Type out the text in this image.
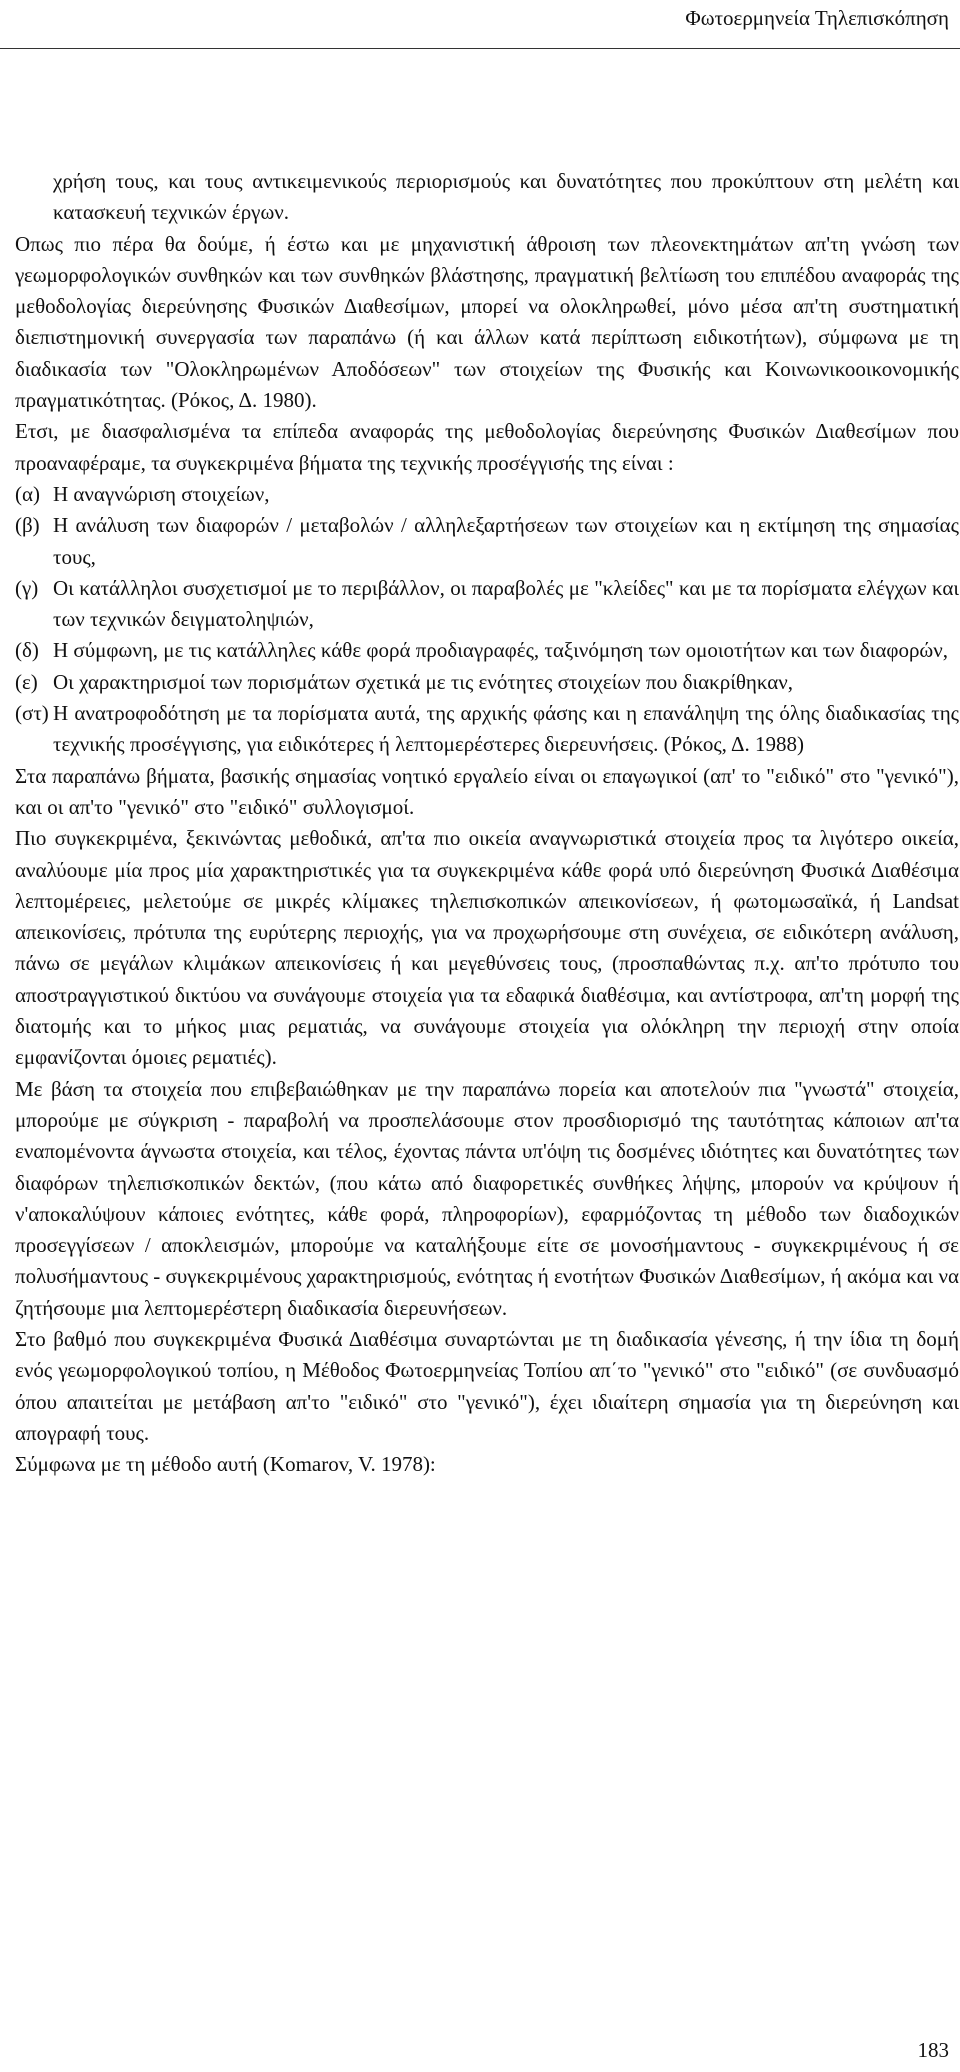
Φωτοερμηνεία Τηλεπισκόπηση

χρήση τους, και τους αντικειμενικούς περιορισμούς και δυνατότητες που προκύπτουν στη μελέτη και κατασκευή τεχνικών έργων.

Οπως πιο πέρα θα δούμε, ή έστω και με μηχανιστική άθροιση των πλεονεκτημάτων απ'τη γνώση των γεωμορφολογικών συνθηκών και των συνθηκών βλάστησης, πραγματική βελτίωση του επιπέδου αναφοράς της μεθοδολογίας διερεύνησης Φυσικών Διαθεσίμων, μπορεί να ολοκληρωθεί, μόνο μέσα απ'τη συστηματική διεπιστημονική συνεργασία των παραπάνω (ή και άλλων κατά περίπτωση ειδικοτήτων), σύμφωνα με τη διαδικασία των "Ολοκληρωμένων Αποδόσεων" των στοιχείων της Φυσικής και Κοινωνικοοικονομικής πραγματικότητας. (Ρόκος, Δ. 1980).

Ετσι, με διασφαλισμένα τα επίπεδα αναφοράς της μεθοδολογίας διερεύνησης Φυσικών Διαθεσίμων που προαναφέραμε, τα συγκεκριμένα βήματα της τεχνικής προσέγγισής της είναι :

(α) Η αναγνώριση στοιχείων,
(β) Η ανάλυση των διαφορών / μεταβολών / αλληλεξαρτήσεων των στοιχείων και η εκτίμηση της σημασίας τους,
(γ) Οι κατάλληλοι συσχετισμοί με το περιβάλλον, οι παραβολές με "κλείδες" και με τα πορίσματα ελέγχων και των τεχνικών δειγματοληψιών,
(δ) Η σύμφωνη, με τις κατάλληλες κάθε φορά προδιαγραφές, ταξινόμηση των ομοιοτήτων και των διαφορών,
(ε) Οι χαρακτηρισμοί των πορισμάτων σχετικά με τις ενότητες στοιχείων που διακρίθηκαν,
(στ) Η ανατροφοδότηση με τα πορίσματα αυτά, της αρχικής φάσης και η επανάληψη της όλης διαδικασίας της τεχνικής προσέγγισης, για ειδικότερες ή λεπτομερέστερες διερευνήσεις. (Ρόκος, Δ. 1988)

Στα παραπάνω βήματα, βασικής σημασίας νοητικό εργαλείο είναι οι επαγωγικοί (απ' το "ειδικό" στο "γενικό"), και οι απ'το "γενικό" στο "ειδικό" συλλογισμοί.

Πιο συγκεκριμένα, ξεκινώντας μεθοδικά, απ'τα πιο οικεία αναγνωριστικά στοιχεία προς τα λιγότερο οικεία, αναλύουμε μία προς μία χαρακτηριστικές για τα συγκεκριμένα κάθε φορά υπό διερεύνηση Φυσικά Διαθέσιμα λεπτομέρειες, μελετούμε σε μικρές κλίμακες τηλεπισκοπικών απεικονίσεων, ή φωτομωσαϊκά, ή Landsat απεικονίσεις, πρότυπα της ευρύτερης περιοχής, για να προχωρήσουμε στη συνέχεια, σε ειδικότερη ανάλυση, πάνω σε μεγάλων κλιμάκων απεικονίσεις ή και μεγεθύνσεις τους, (προσπαθώντας π.χ. απ'το πρότυπο του αποστραγγιστικού δικτύου να συνάγουμε στοιχεία για τα εδαφικά διαθέσιμα, και αντίστροφα, απ'τη μορφή της διατομής και το μήκος μιας ρεματιάς, να συνάγουμε στοιχεία για ολόκληρη την περιοχή στην οποία εμφανίζονται όμοιες ρεματιές).

Με βάση τα στοιχεία που επιβεβαιώθηκαν με την παραπάνω πορεία και αποτελούν πια "γνωστά" στοιχεία, μπορούμε με σύγκριση - παραβολή να προσπελάσουμε στον προσδιορισμό της ταυτότητας κάποιων απ'τα εναπομένοντα άγνωστα στοιχεία, και τέλος, έχοντας πάντα υπ'όψη τις δοσμένες ιδιότητες και δυνατότητες των διαφόρων τηλεπισκοπικών δεκτών, (που κάτω από διαφορετικές συνθήκες λήψης, μπορούν να κρύψουν ή ν'αποκαλύψουν κάποιες ενότητες, κάθε φορά, πληροφορίων), εφαρμόζοντας τη μέθοδο των διαδοχικών προσεγγίσεων / αποκλεισμών, μπορούμε να καταλήξουμε είτε σε μονοσήμαντους - συγκεκριμένους ή σε πολυσήμαντους - συγκεκριμένους χαρακτηρισμούς, ενότητας ή ενοτήτων Φυσικών Διαθεσίμων, ή ακόμα και να ζητήσουμε μια λεπτομερέστερη διαδικασία διερευνήσεων.

Στο βαθμό που συγκεκριμένα Φυσικά Διαθέσιμα συναρτώνται με τη διαδικασία γένεσης, ή την ίδια τη δομή ενός γεωμορφολογικού τοπίου, η Μέθοδος Φωτοερμηνείας Τοπίου απ΄το "γενικό" στο "ειδικό" (σε συνδυασμό όπου απαιτείται με μετάβαση απ'το "ειδικό" στο "γενικό"), έχει ιδιαίτερη σημασία για τη διερεύνηση και απογραφή τους.

Σύμφωνα με τη μέθοδο αυτή (Komarov, V. 1978):

183
